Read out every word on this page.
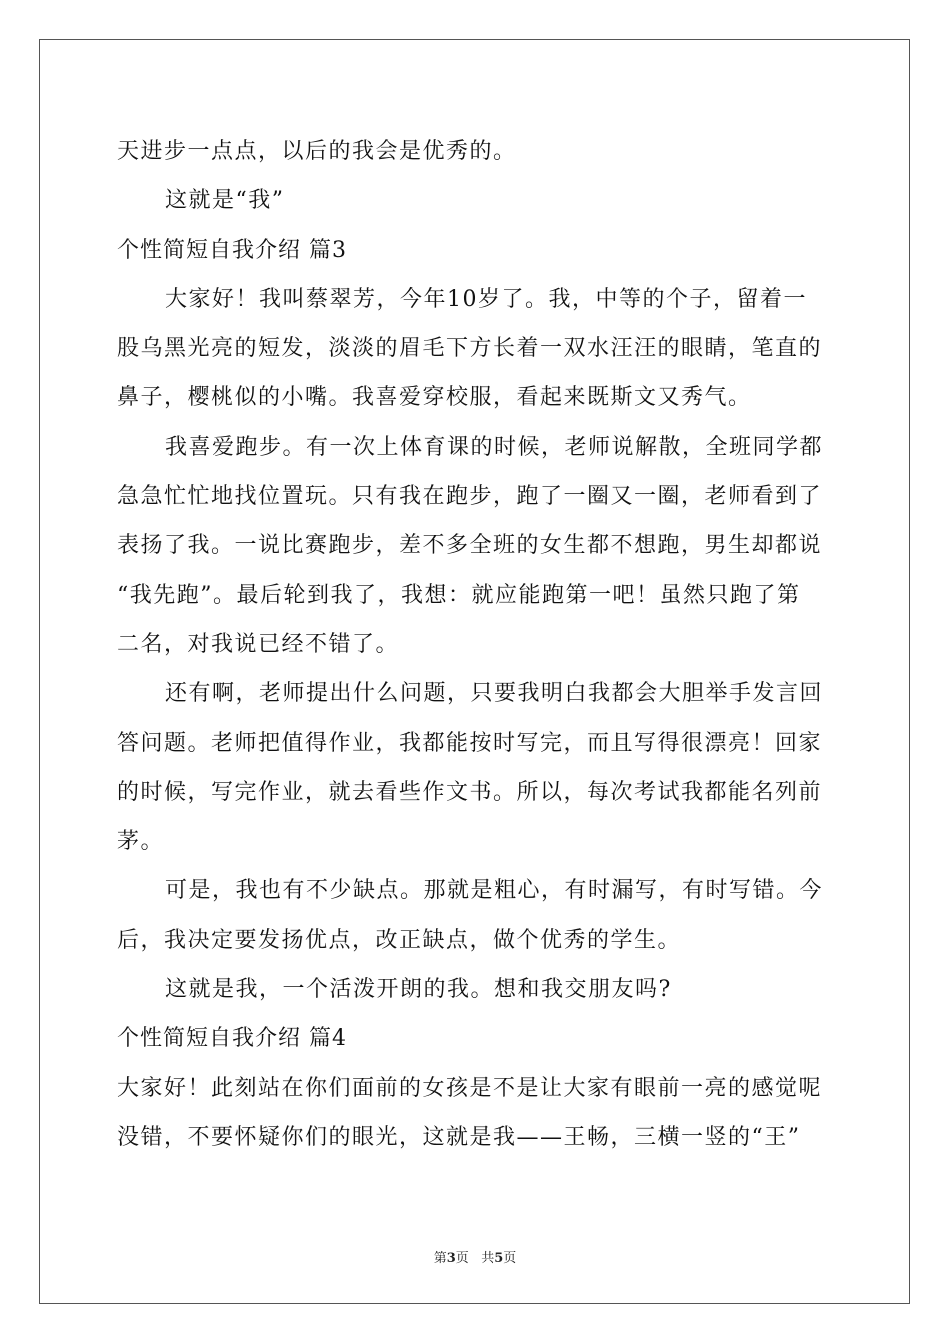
天进步一点点，以后的我会是优秀的。
这就是“我”
个性简短自我介绍 篇3
大家好！我叫蔡翠芳，今年10岁了。我，中等的个子，留着一
股乌黑光亮的短发，淡淡的眉毛下方长着一双水汪汪的眼睛，笔直的
鼻子，樱桃似的小嘴。我喜爱穿校服，看起来既斯文又秀气。
我喜爱跑步。有一次上体育课的时候，老师说解散，全班同学都
急急忙忙地找位置玩。只有我在跑步，跑了一圈又一圈，老师看到了
表扬了我。一说比赛跑步，差不多全班的女生都不想跑，男生却都说
“我先跑”。最后轮到我了，我想：就应能跑第一吧！虽然只跑了第
二名，对我说已经不错了。
还有啊，老师提出什么问题，只要我明白我都会大胆举手发言回
答问题。老师把值得作业，我都能按时写完，而且写得很漂亮！回家
的时候，写完作业，就去看些作文书。所以，每次考试我都能名列前
茅。
可是，我也有不少缺点。那就是粗心，有时漏写，有时写错。今
后，我决定要发扬优点，改正缺点，做个优秀的学生。
这就是我，一个活泼开朗的我。想和我交朋友吗?
个性简短自我介绍 篇4
大家好！此刻站在你们面前的女孩是不是让大家有眼前一亮的感觉呢
没错，不要怀疑你们的眼光，这就是我——王畅，三横一竖的“王”
第3页 共5页
